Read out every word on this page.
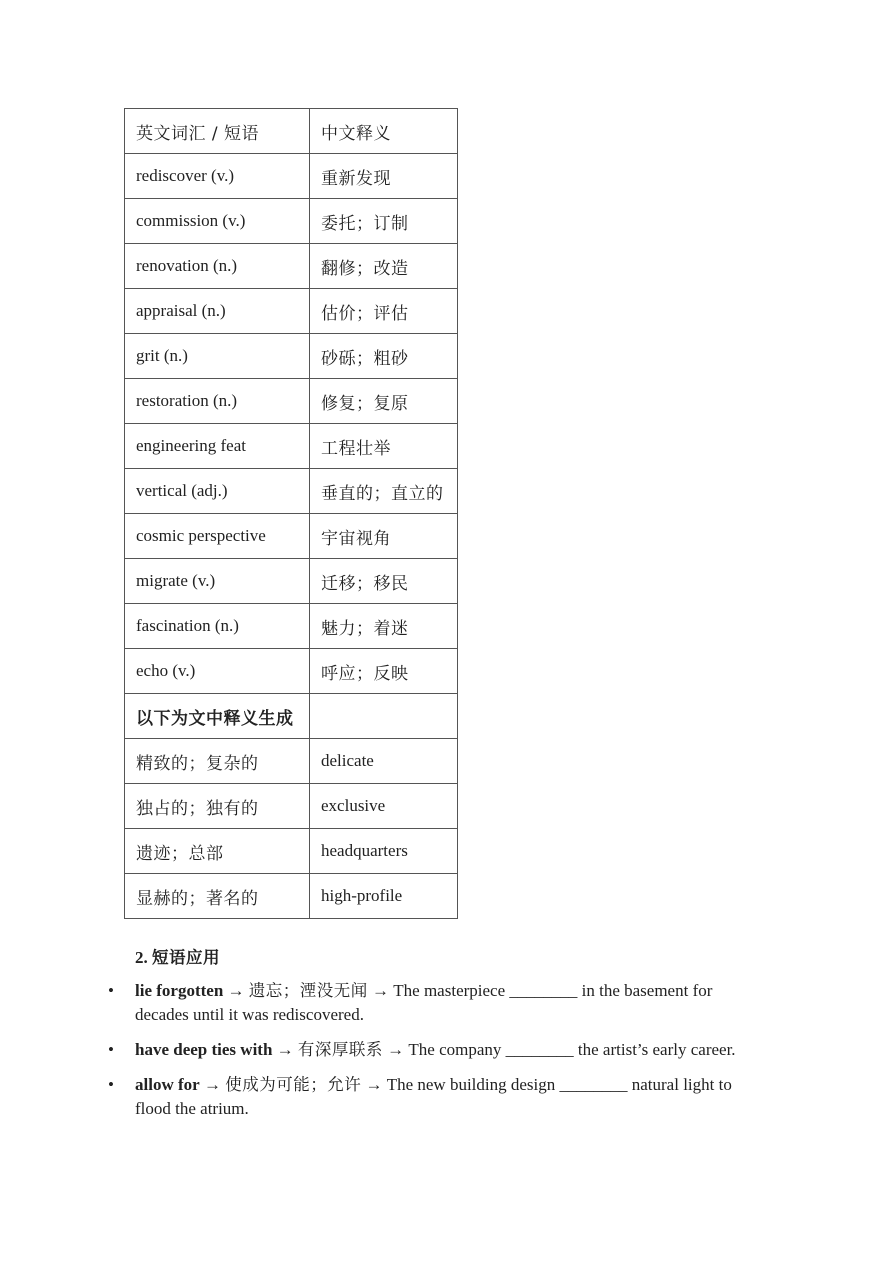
英文词汇 / 短语	中文释义
rediscover (v.)	重新发现
commission (v.)	委托；订制
renovation (n.)	翻修；改造
appraisal (n.)	估价；评估
grit (n.)	砂砾；粗砂
restoration (n.)	修复；复原
engineering feat	工程壮举
vertical (adj.)	垂直的；直立的
cosmic perspective	宇宙视角
migrate (v.)	迁移；移民
fascination (n.)	魅力；着迷
echo (v.)	呼应；反映
以下为文中释义生成	
精致的；复杂的	delicate
独占的；独有的	exclusive
遗迹；总部	headquarters
显赫的；著名的	high-profile
2. 短语应用
• lie forgotten → 遗忘；湮没无闻 → The masterpiece ________ in the basement for decades until it was rediscovered.
• have deep ties with → 有深厚联系 → The company ________ the artist’s early career.
• allow for → 使成为可能；允许 → The new building design ________ natural light to flood the atrium.
